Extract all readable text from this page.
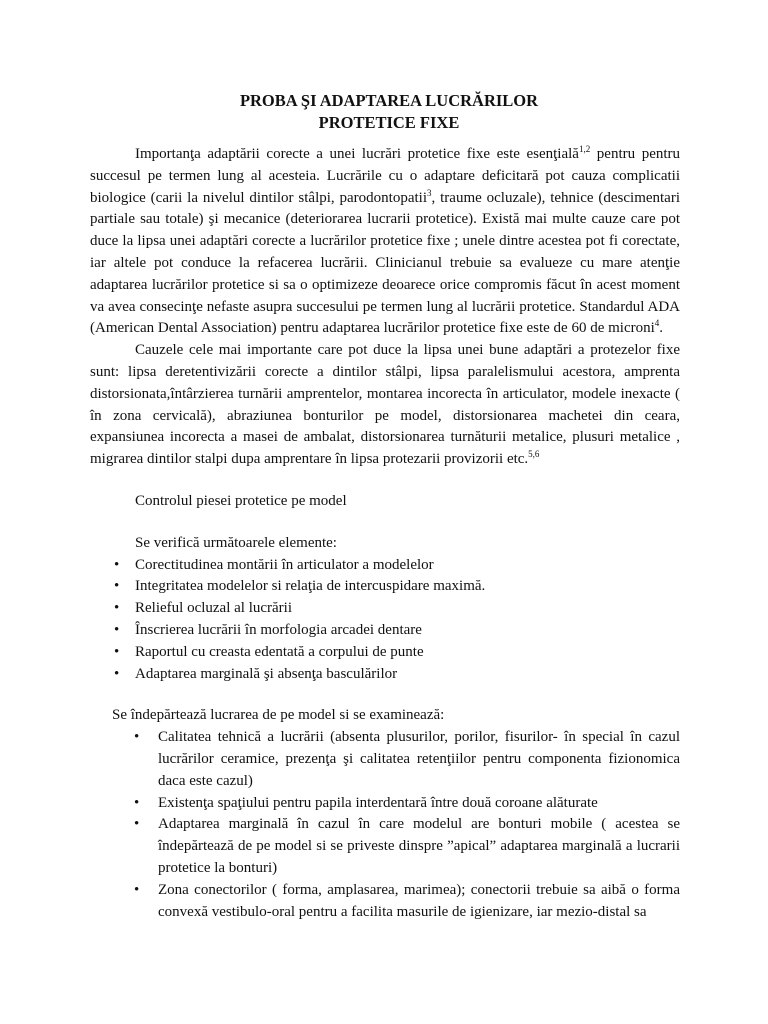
PROBA ŞI ADAPTAREA LUCRĂRILOR
PROTETICE FIXE

Importanţa adaptării corecte a unei lucrări protetice fixe este esenţială$^{1,2}$ pentru pentru succesul pe termen lung al acesteia. Lucrările cu o adaptare deficitară pot cauza complicatii biologice (carii la nivelul dintilor stâlpi, parodontopatii$^3$, traume ocluzale), tehnice (descimentari partiale sau totale) şi mecanice (deteriorarea lucrarii protetice). Există mai multe cauze care pot duce la lipsa unei adaptări corecte a lucrărilor protetice fixe ; unele dintre acestea pot fi corectate, iar altele pot conduce la refacerea lucrării. Clinicianul trebuie sa evalueze cu mare atenţie adaptarea lucrărilor protetice si sa o optimizeze deoarece orice compromis făcut în acest moment va avea consecinţe nefaste asupra succesului pe termen lung al lucrării protetice. Standardul ADA (American Dental Association) pentru adaptarea lucrărilor protetice fixe este de 60 de microni$^4$.

Cauzele cele mai importante care pot duce la lipsa unei bune adaptări a protezelor fixe sunt: lipsa deretentivizării corecte a dintilor stâlpi, lipsa paralelismului acestora, amprenta distorsionata,întârzierea turnării amprentelor, montarea incorecta în articulator, modele inexacte ( în zona cervicală), abraziunea bonturilor pe model, distorsionarea machetei din ceara, expansiunea incorecta a masei de ambalat, distorsionarea turnăturii metalice, plusuri metalice , migrarea dintilor stalpi dupa amprentare în lipsa protezarii provizorii etc.$^{5,6}$

Controlul piesei protetice pe model
Se verifică următoarele elemente:
• Corectitudinea montării în articulator a modelelor
• Integritatea modelelor si relaţia de intercuspidare maximă.
• Relieful ocluzal al lucrării
• Înscrierea lucrării în morfologia arcadei dentare
• Raportul cu creasta edentată a corpului de punte
• Adaptarea marginală şi absenţa basculărilor
Se îndepărtează lucrarea de pe model si se examinează:
• Calitatea tehnică a lucrării (absenta plusurilor, porilor, fisurilor- în special în cazul lucrărilor ceramice, prezenţa şi calitatea retenţiilor pentru componenta fizionomica daca este cazul)
• Existenţa spaţiului pentru papila interdentară între două coroane alăturate
• Adaptarea marginală în cazul în care modelul are bonturi mobile ( acestea se îndepărtează de pe model si se priveste dinspre ”apical” adaptarea marginală a lucrarii protetice la bonturi)
• Zona conectorilor ( forma, amplasarea, marimea); conectorii trebuie sa aibă o forma convexă vestibulo-oral pentru a facilita masurile de igienizare, iar mezio-distal sa
